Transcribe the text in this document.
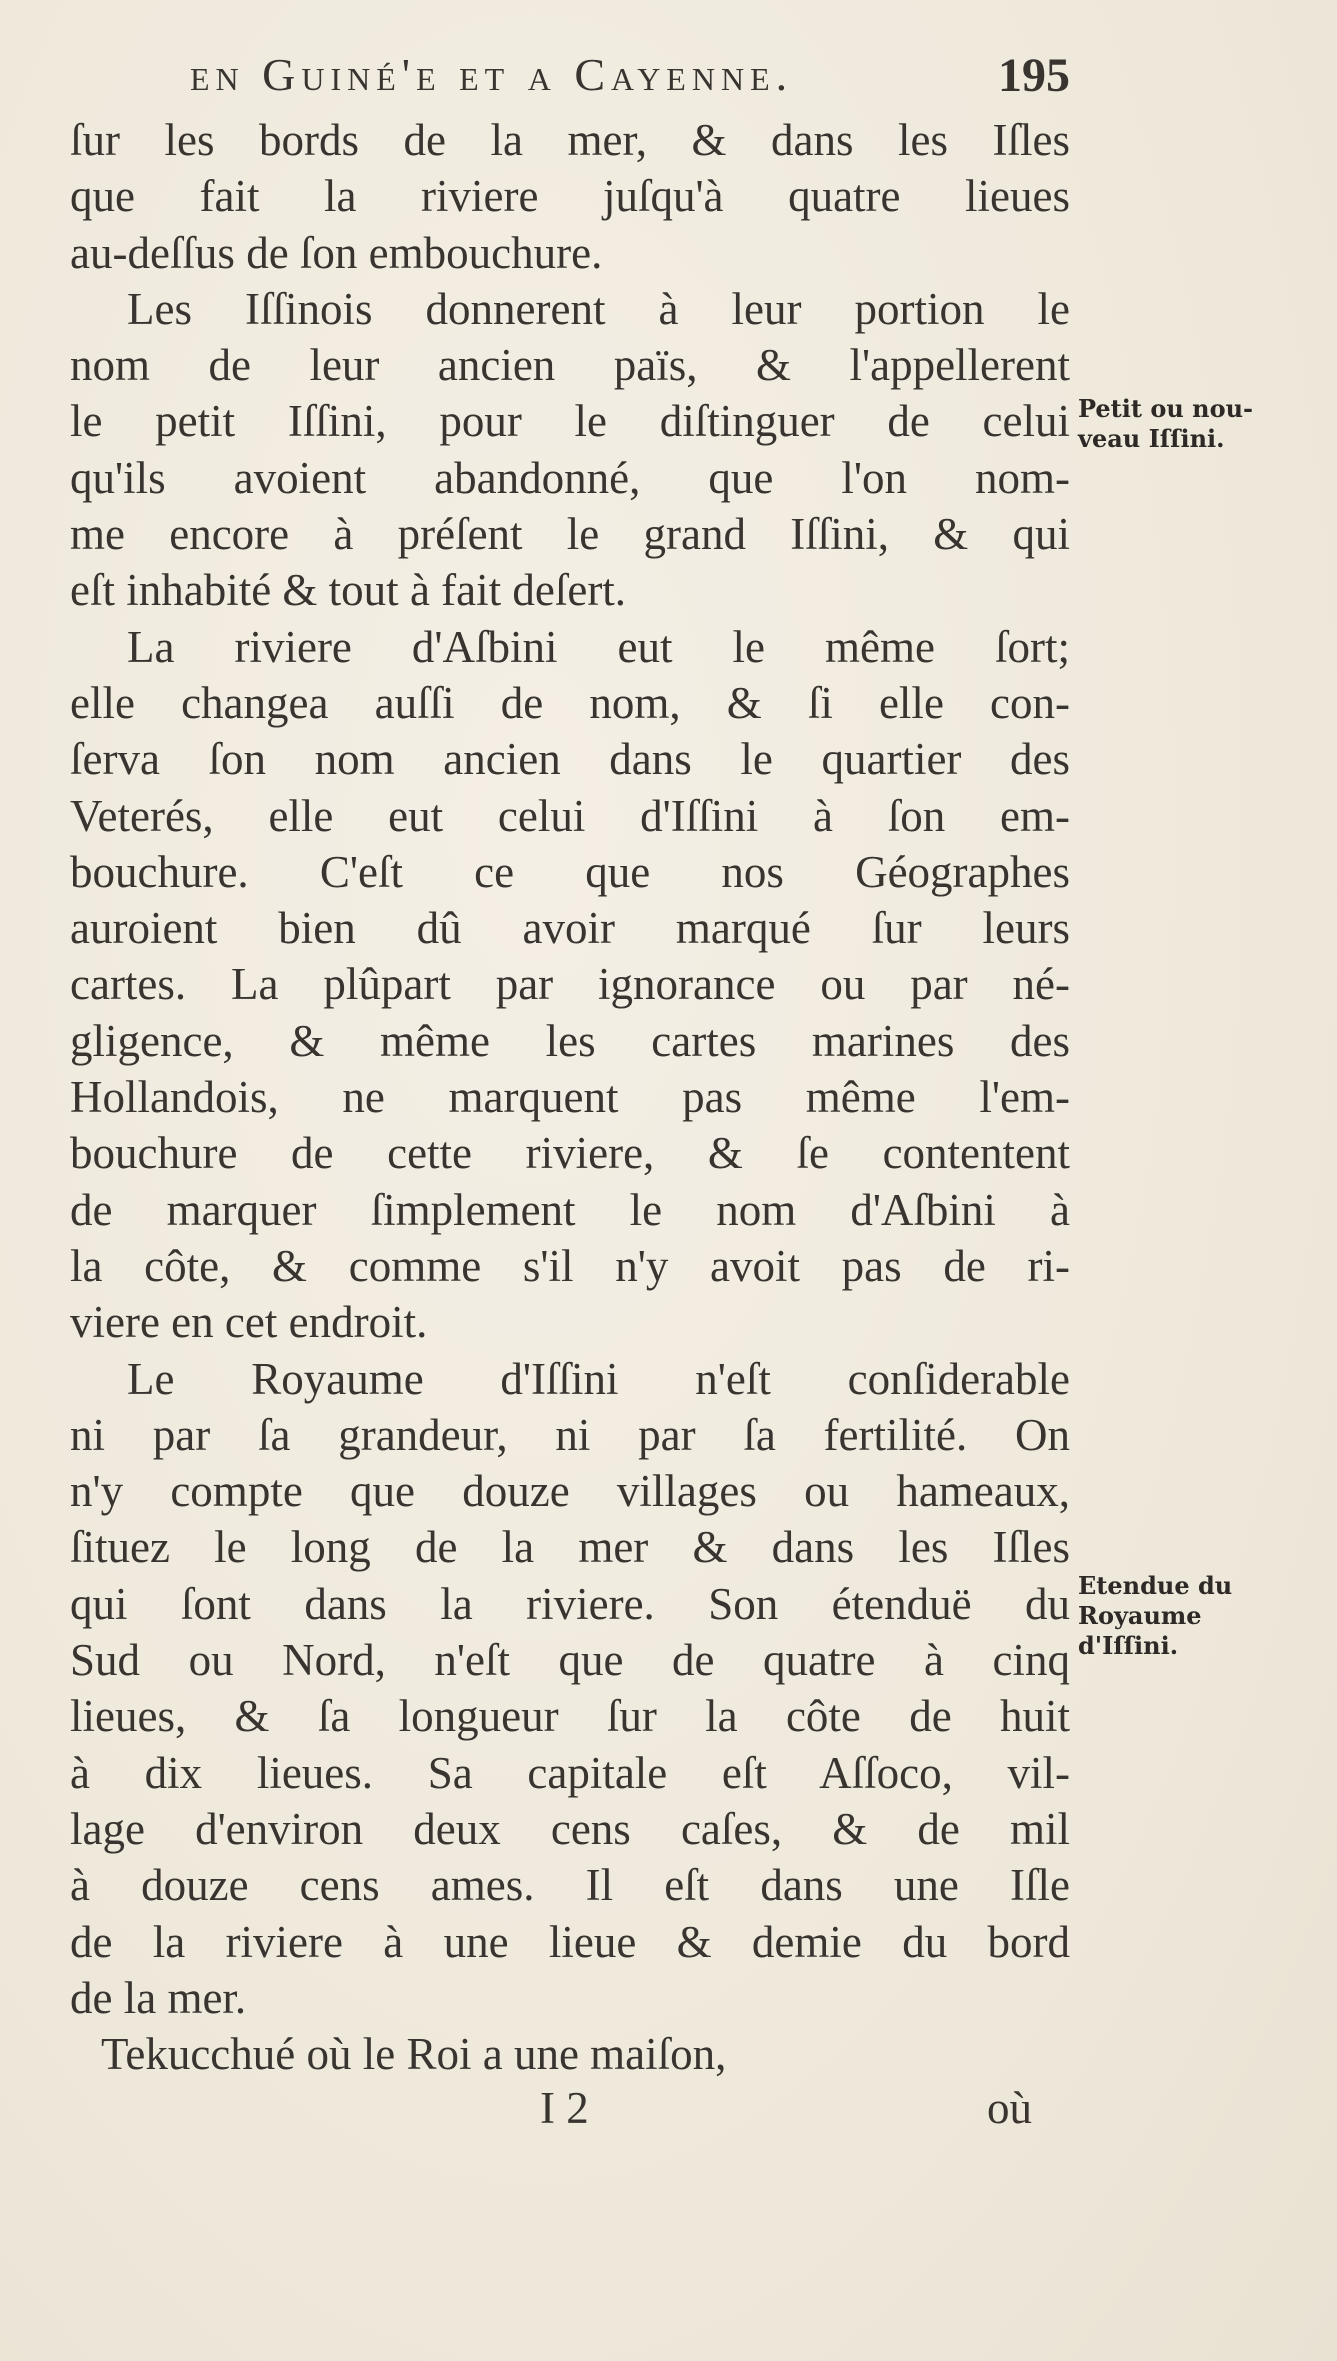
en Guiné'e et a Cayenne.	195
ſur les bords de la mer, & dans les Iſles
que fait la riviere juſqu'à quatre lieues
au-deſſus de ſon embouchure.
Les Iſſinois donnerent à leur portion le
nom de leur ancien païs, & l'appellerent
le petit Iſſini, pour le diſtinguer de celui
qu'ils avoient abandonné, que l'on nom-
me encore à préſent le grand Iſſini, & qui
eſt inhabité & tout à fait deſert.
La riviere d'Aſbini eut le même ſort;
elle changea auſſi de nom, & ſi elle con-
ſerva ſon nom ancien dans le quartier des
Veterés, elle eut celui d'Iſſini à ſon em-
bouchure. C'eſt ce que nos Géographes
auroient bien dû avoir marqué ſur leurs
cartes. La plûpart par ignorance ou par né-
gligence, & même les cartes marines des
Hollandois, ne marquent pas même l'em-
bouchure de cette riviere, & ſe contentent
de marquer ſimplement le nom d'Aſbini à
la côte, & comme s'il n'y avoit pas de ri-
viere en cet endroit.
Le Royaume d'Iſſini n'eſt conſiderable
ni par ſa grandeur, ni par ſa fertilité. On
n'y compte que douze villages ou hameaux,
ſituez le long de la mer & dans les Iſles
qui ſont dans la riviere. Son étenduë du
Sud ou Nord, n'eſt que de quatre à cinq
lieues, & ſa longueur ſur la côte de huit
à dix lieues. Sa capitale eſt Aſſoco, vil-
lage d'environ deux cens caſes, & de mil
à douze cens ames. Il eſt dans une Iſle
de la riviere à une lieue & demie du bord
de la mer.
Tekucchué où le Roi a une maiſon,
Petit ou nou-
veau Iſſini.
Etendue du
Royaume
d'Iſſini.
I 2	où
